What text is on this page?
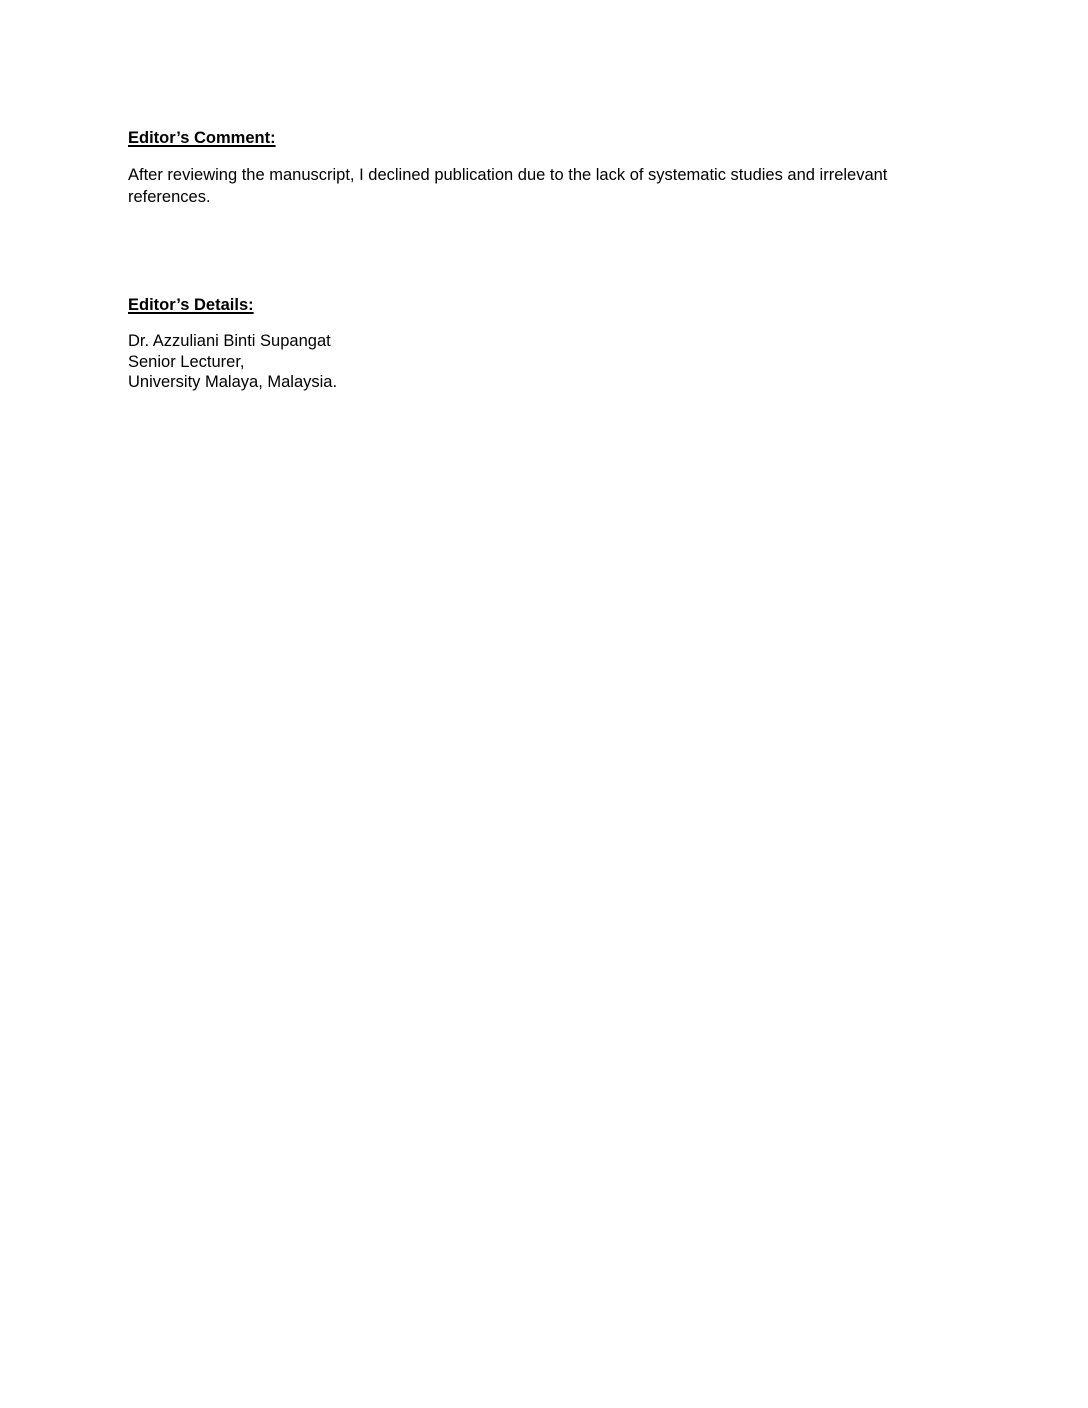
Editor’s Comment:

After reviewing the manuscript, I declined publication due to the lack of systematic studies and irrelevant references.

Editor’s Details:
Dr. Azzuliani Binti Supangat
Senior Lecturer,
University Malaya, Malaysia.
